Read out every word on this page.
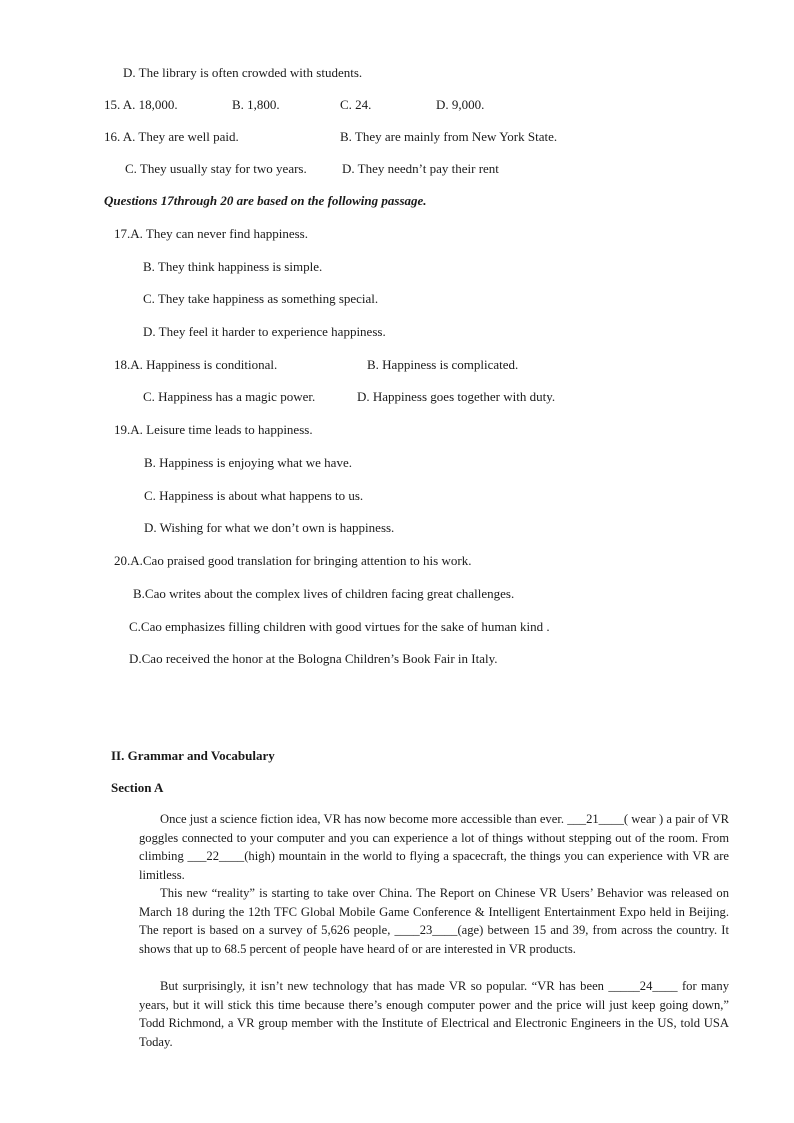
D. The library is often crowded with students.
15. A. 18,000.	B. 1,800.	C. 24.	D. 9,000.
16. A. They are well paid.	B. They are mainly from New York State.
C. They usually stay for two years.	D. They needn’t pay their rent
Questions 17through 20 are based on the following passage.
17.A. They can never find happiness.
B. They think happiness is simple.
C. They take happiness as something special.
D. They feel it harder to experience happiness.
18.A. Happiness is conditional.	B. Happiness is complicated.
C. Happiness has a magic power.	D. Happiness goes together with duty.
19.A. Leisure time leads to happiness.
B. Happiness is enjoying what we have.
C. Happiness is about what happens to us.
D. Wishing for what we don’t own is happiness.
20.A.Cao praised good translation for bringing attention to his work.
B.Cao writes about the complex lives of children facing great challenges.
C.Cao emphasizes filling children with good virtues for the sake of human kind .
D.Cao received the honor at the Bologna Children’s Book Fair in Italy.
II. Grammar and Vocabulary
Section A
Once just a science fiction idea, VR has now become more accessible than ever. ___21____( wear ) a pair of VR goggles connected to your computer and you can experience a lot of things without stepping out of the room. From climbing ___22____(high) mountain in the world to flying a spacecraft, the things you can experience with VR are limitless.
This new “reality” is starting to take over China. The Report on Chinese VR Users’ Behavior was released on March 18 during the 12th TFC Global Mobile Game Conference & Intelligent Entertainment Expo held in Beijing. The report is based on a survey of 5,626 people, ____23____(age) between 15 and 39, from across the country. It shows that up to 68.5 percent of people have heard of or are interested in VR products.
But surprisingly, it isn’t new technology that has made VR so popular. “VR has been _____24____ for many years, but it will stick this time because there’s enough computer power and the price will just keep going down,” Todd Richmond, a VR group member with the Institute of Electrical and Electronic Engineers in the US, told USA Today.
